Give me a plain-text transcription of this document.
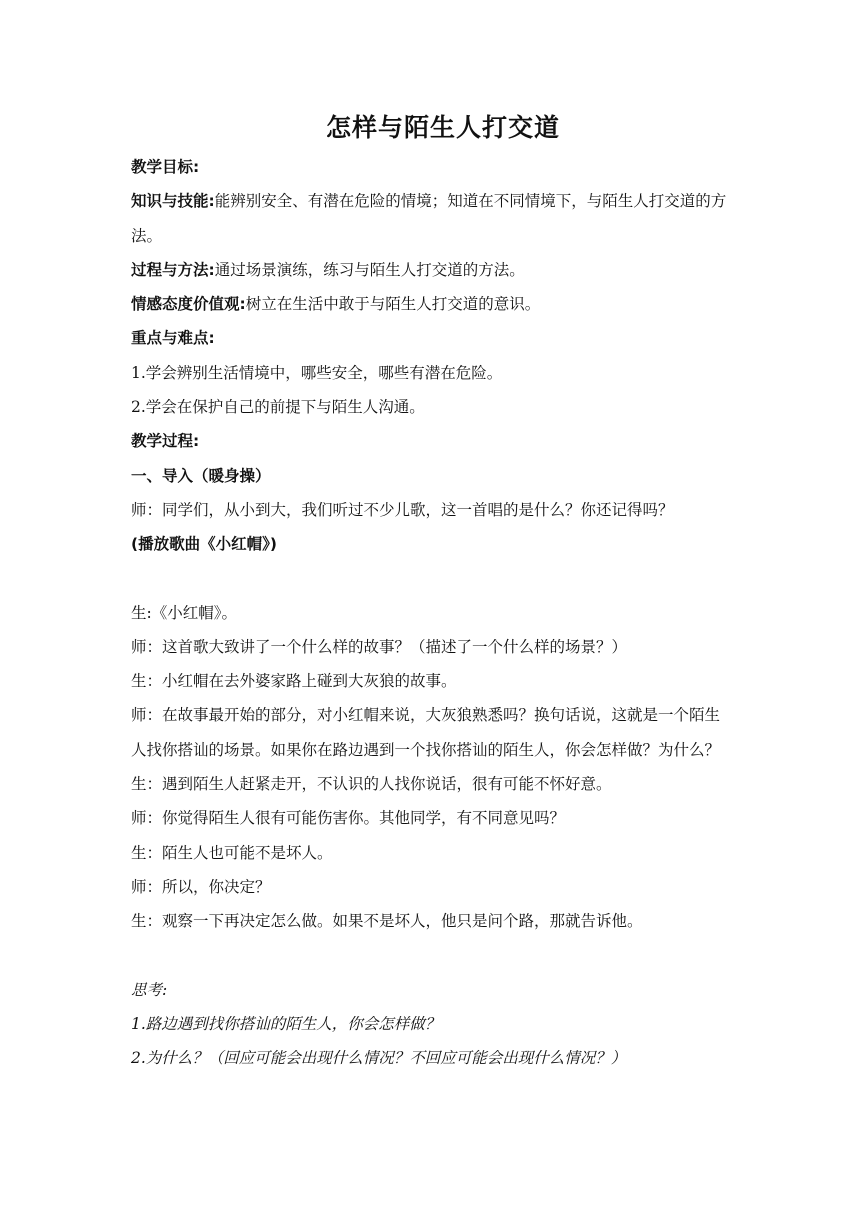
怎样与陌生人打交道

教学目标:

知识与技能:能辨别安全、有潜在危险的情境；知道在不同情境下，与陌生人打交道的方法。

过程与方法:通过场景演练，练习与陌生人打交道的方法。

情感态度价值观:树立在生活中敢于与陌生人打交道的意识。

重点与难点:

1.学会辨别生活情境中，哪些安全，哪些有潜在危险。

2.学会在保护自己的前提下与陌生人沟通。

教学过程:

一、导入（暖身操）

师：同学们，从小到大，我们听过不少儿歌，这一首唱的是什么？你还记得吗？

(播放歌曲《小红帽》)

生:《小红帽》。

师：这首歌大致讲了一个什么样的故事？（描述了一个什么样的场景？）

生：小红帽在去外婆家路上碰到大灰狼的故事。

师：在故事最开始的部分，对小红帽来说，大灰狼熟悉吗？换句话说，这就是一个陌生人找你搭讪的场景。如果你在路边遇到一个找你搭讪的陌生人，你会怎样做？为什么？

生：遇到陌生人赶紧走开，不认识的人找你说话，很有可能不怀好意。

师：你觉得陌生人很有可能伤害你。其他同学，有不同意见吗？

生：陌生人也可能不是坏人。

师：所以，你决定？

生：观察一下再决定怎么做。如果不是坏人，他只是问个路，那就告诉他。

思考:

1.路边遇到找你搭讪的陌生人，你会怎样做？

2.为什么？（回应可能会出现什么情况？不回应可能会出现什么情况？）
